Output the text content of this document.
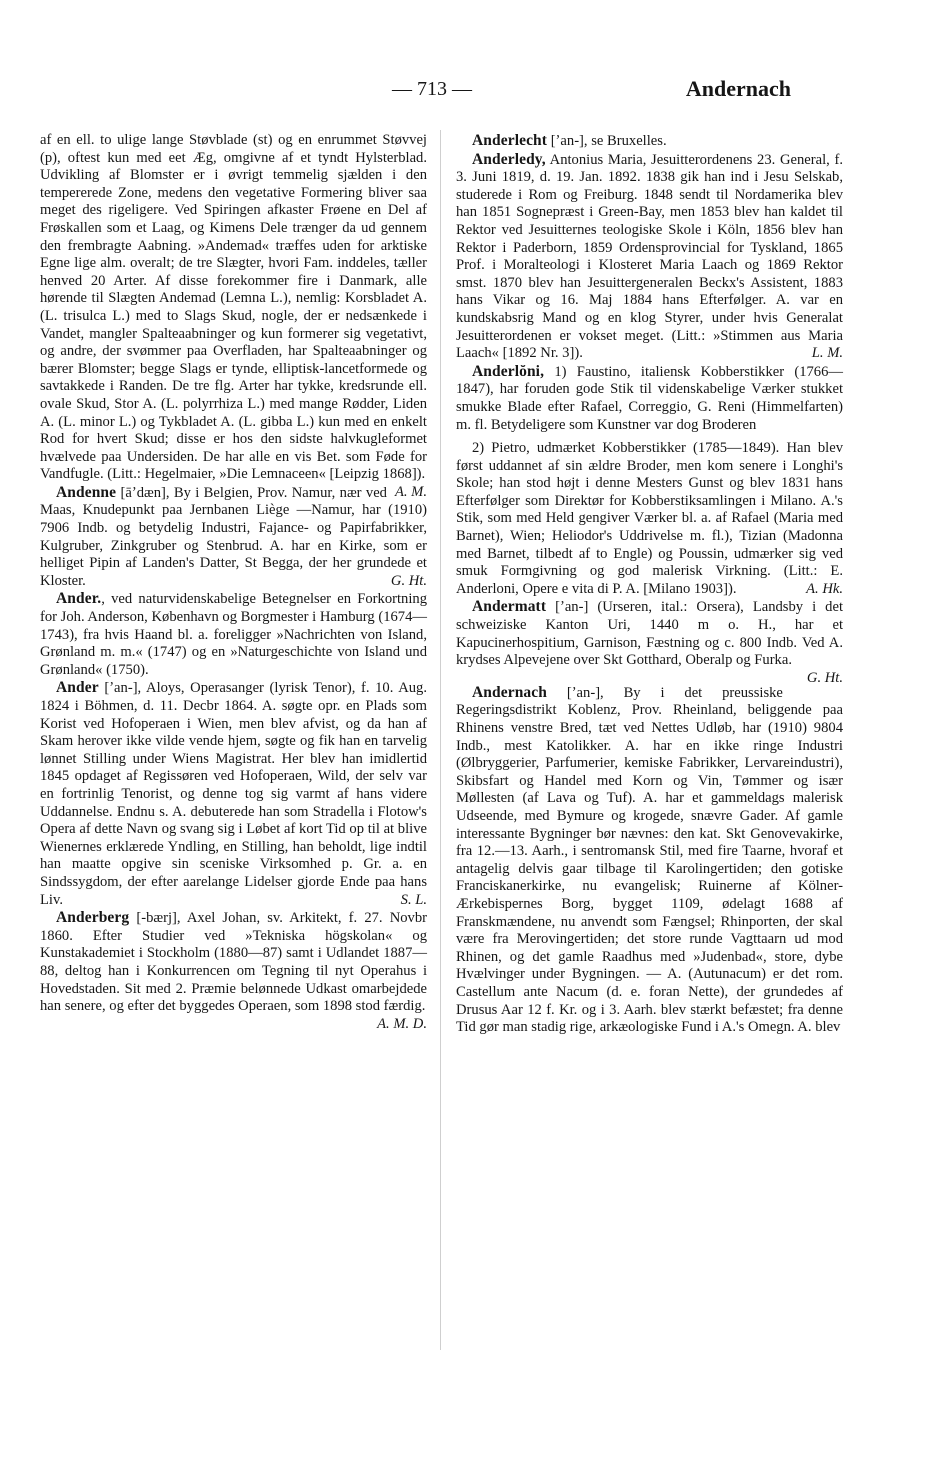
— 713 —	Andernach

af en ell. to ulige lange Støvblade (st) og en enrummet Støvvej (p), oftest kun med eet Æg, omgivne af et tyndt Hylsterblad. Udvikling af Blomster er i øvrigt temmelig sjælden i den tempererede Zone, medens den vegetative Formering bliver saa meget des rigeligere. Ved Spiringen afkaster Frøene en Del af Frøskallen som et Laag, og Kimens Dele trænger da ud gennem den frembragte Aabning. »Andemad« træffes uden for arktiske Egne lige alm. overalt; de tre Slægter, hvori Fam. inddeles, tæller henved 20 Arter. Af disse forekommer fire i Danmark, alle hørende til Slægten Andemad (Lemna L.), nemlig: Korsbladet A. (L. trisulca L.) med to Slags Skud, nogle, der er nedsænkede i Vandet, mangler Spalteaabninger og kun formerer sig vegetativt, og andre, der svømmer paa Overfladen, har Spalteaabninger og bærer Blomster; begge Slags er tynde, elliptisk-lancetformede og savtakkede i Randen. De tre flg. Arter har tykke, kredsrunde ell. ovale Skud, Stor A. (L. polyrrhiza L.) med mange Rødder, Liden A. (L. minor L.) og Tykbladet A. (L. gibba L.) kun med en enkelt Rod for hvert Skud; disse er hos den sidste halvkugleformet hvælvede paa Undersiden. De har alle en vis Bet. som Føde for Vandfugle. (Litt.: Hegelmaier, »Die Lemnaceen« [Leipzig 1868]).
A. M.

Andenne [āʼdæn], By i Belgien, Prov. Namur, nær ved Maas, Knudepunkt paa Jernbanen Liège —Namur, har (1910) 7906 Indb. og betydelig Industri, Fajance- og Papirfabrikker, Kulgruber, Zinkgruber og Stenbrud. A. har en Kirke, som er helliget Pipin af Landen's Datter, St Begga, der her grundede et Kloster.	G. Ht.

Ander., ved naturvidenskabelige Betegnelser en Forkortning for Joh. Anderson, København og Borgmester i Hamburg (1674—1743), fra hvis Haand bl. a. foreligger »Nachrichten von Island, Grønland m. m.« (1747) og en »Naturgeschichte von Island und Grønland« (1750).

Ander [ʼan-], Aloys, Operasanger (lyrisk Tenor), f. 10. Aug. 1824 i Böhmen, d. 11. Decbr 1864. A. søgte opr. en Plads som Korist ved Hofoperaen i Wien, men blev afvist, og da han af Skam herover ikke vilde vende hjem, søgte og fik han en tarvelig lønnet Stilling under Wiens Magistrat. Her blev han imidlertid 1845 opdaget af Regissøren ved Hofoperaen, Wild, der selv var en fortrinlig Tenorist, og denne tog sig varmt af hans videre Uddannelse. Endnu s. A. debuterede han som Stradella i Flotow's Opera af dette Navn og svang sig i Løbet af kort Tid op til at blive Wienernes erklærede Yndling, en Stilling, han beholdt, lige indtil han maatte opgive sin sceniske Virksomhed p. Gr. a. en Sindssygdom, der efter aarelange Lidelser gjorde Ende paa hans Liv.	S. L.

Anderberg [-bærj], Axel Johan, sv. Arkitekt, f. 27. Novbr 1860. Efter Studier ved »Tekniska högskolan« og Kunstakademiet i Stockholm (1880—87) samt i Udlandet 1887—88, deltog han i Konkurrencen om Tegning til nyt Operahus i Hovedstaden. Sit med 2. Præmie belønnede Udkast omarbejdede han senere, og efter det byggedes Operaen, som 1898 stod færdig.
A. M. D.

Anderlecht [ʼan-], se Bruxelles.

Anderledy, Antonius Maria, Jesuitterordenens 23. General, f. 3. Juni 1819, d. 19. Jan. 1892. 1838 gik han ind i Jesu Selskab, studerede i Rom og Freiburg. 1848 sendt til Nordamerika blev han 1851 Sognepræst i Green-Bay, men 1853 blev han kaldet til Rektor ved Jesuitternes teologiske Skole i Köln, 1856 blev han Rektor i Paderborn, 1859 Ordensprovincial for Tyskland, 1865 Prof. i Moralteologi i Klosteret Maria Laach og 1869 Rektor smst. 1870 blev han Jesuittergeneralen Beckx's Assistent, 1883 hans Vikar og 16. Maj 1884 hans Efterfølger. A. var en kundskabsrig Mand og en klog Styrer, under hvis Generalat Jesuitterordenen er vokset meget. (Litt.: »Stimmen aus Maria Laach« [1892 Nr. 3]).	L. M.

Anderlŏni, 1) Faustino, italiensk Kobberstikker (1766—1847), har foruden gode Stik til videnskabelige Værker stukket smukke Blade efter Rafael, Correggio, G. Reni (Himmelfarten) m. fl. Betydeligere som Kunstner var dog Broderen

2) Pietro, udmærket Kobberstikker (1785—1849). Han blev først uddannet af sin ældre Broder, men kom senere i Longhi's Skole; han stod højt i denne Mesters Gunst og blev 1831 hans Efterfølger som Direktør for Kobberstiksamlingen i Milano. A.'s Stik, som med Held gengiver Værker bl. a. af Rafael (Maria med Barnet), Wien; Heliodor's Uddrivelse m. fl.), Tizian (Madonna med Barnet, tilbedt af to Engle) og Poussin, udmærker sig ved smuk Formgivning og god malerisk Virkning. (Litt.: E. Anderloni, Opere e vita di P. A. [Milano 1903]).	A. Hk.

Andermatt [ʼan-] (Urseren, ital.: Orsera), Landsby i det schweiziske Kanton Uri, 1440 m o. H., har et Kapucinerhospitium, Garnison, Fæstning og c. 800 Indb. Ved A. krydses Alpevejene over Skt Gotthard, Oberalp og Furka.
G. Ht.

Andernach [ʼan-], By i det preussiske Regeringsdistrikt Koblenz, Prov. Rheinland, beliggende paa Rhinens venstre Bred, tæt ved Nettes Udløb, har (1910) 9804 Indb., mest Katolikker. A. har en ikke ringe Industri (Ølbryggerier, Parfumerier, kemiske Fabrikker, Lervareindustri), Skibsfart og Handel med Korn og Vin, Tømmer og især Møllesten (af Lava og Tuf). A. har et gammeldags malerisk Udseende, med Bymure og krogede, snævre Gader. Af gamle interessante Bygninger bør nævnes: den kat. Skt Genovevakirke, fra 12.—13. Aarh., i sentromansk Stil, med fire Taarne, hvoraf et antagelig delvis gaar tilbage til Karolingertiden; den gotiske Franciskanerkirke, nu evangelisk; Ruinerne af Kölner-Ærkebispernes Borg, bygget 1109, ødelagt 1688 af Franskmændene, nu anvendt som Fængsel; Rhinporten, der skal være fra Merovingertiden; det store runde Vagttaarn ud mod Rhinen, og det gamle Raadhus med »Judenbad«, store, dybe Hvælvinger under Bygningen. — A. (Autunacum) er det rom. Castellum ante Nacum (d. e. foran Nette), der grundedes af Drusus Aar 12 f. Kr. og i 3. Aarh. blev stærkt befæstet; fra denne Tid gør man stadig rige, arkæologiske Fund i A.'s Omegn. A. blev
